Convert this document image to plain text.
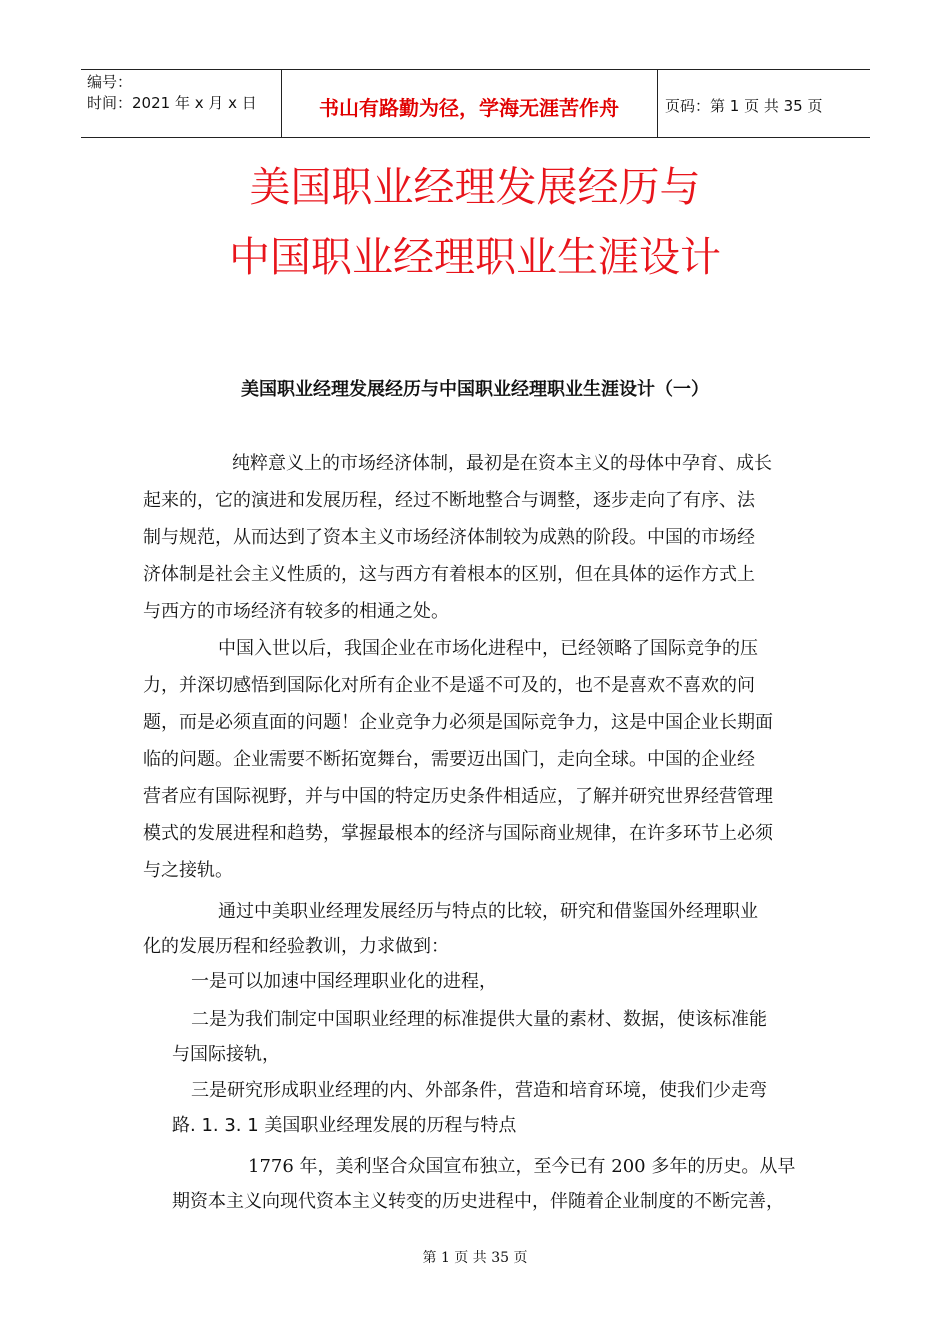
编号：
时间：2021 年 x 月 x 日	书山有路勤为径，学海无涯苦作舟	页码：第 1 页 共 35 页
美国职业经理发展经历与
中国职业经理职业生涯设计
美国职业经理发展经历与中国职业经理职业生涯设计（一）
纯粹意义上的市场经济体制，最初是在资本主义的母体中孕育、成长
起来的，它的演进和发展历程，经过不断地整合与调整，逐步走向了有序、法
制与规范，从而达到了资本主义市场经济体制较为成熟的阶段。中国的市场经
济体制是社会主义性质的，这与西方有着根本的区别，但在具体的运作方式上
与西方的市场经济有较多的相通之处。
中国入世以后，我国企业在市场化进程中，已经领略了国际竞争的压
力，并深切感悟到国际化对所有企业不是遥不可及的，也不是喜欢不喜欢的问
题，而是必须直面的问题！企业竞争力必须是国际竞争力，这是中国企业长期面
临的问题。企业需要不断拓宽舞台，需要迈出国门，走向全球。中国的企业经
营者应有国际视野，并与中国的特定历史条件相适应，了解并研究世界经营管理
模式的发展进程和趋势，掌握最根本的经济与国际商业规律，在许多环节上必须
与之接轨。
通过中美职业经理发展经历与特点的比较，研究和借鉴国外经理职业
化的发展历程和经验教训，力求做到：
一是可以加速中国经理职业化的进程，
二是为我们制定中国职业经理的标准提供大量的素材、数据，使该标准能
与国际接轨，
三是研究形成职业经理的内、外部条件，营造和培育环境，使我们少走弯
路. 1. 3. 1 美国职业经理发展的历程与特点
1776 年，美利坚合众国宣布独立，至今已有 200 多年的历史。从早
期资本主义向现代资本主义转变的历史进程中，伴随着企业制度的不断完善，
第 1 页 共 35 页
